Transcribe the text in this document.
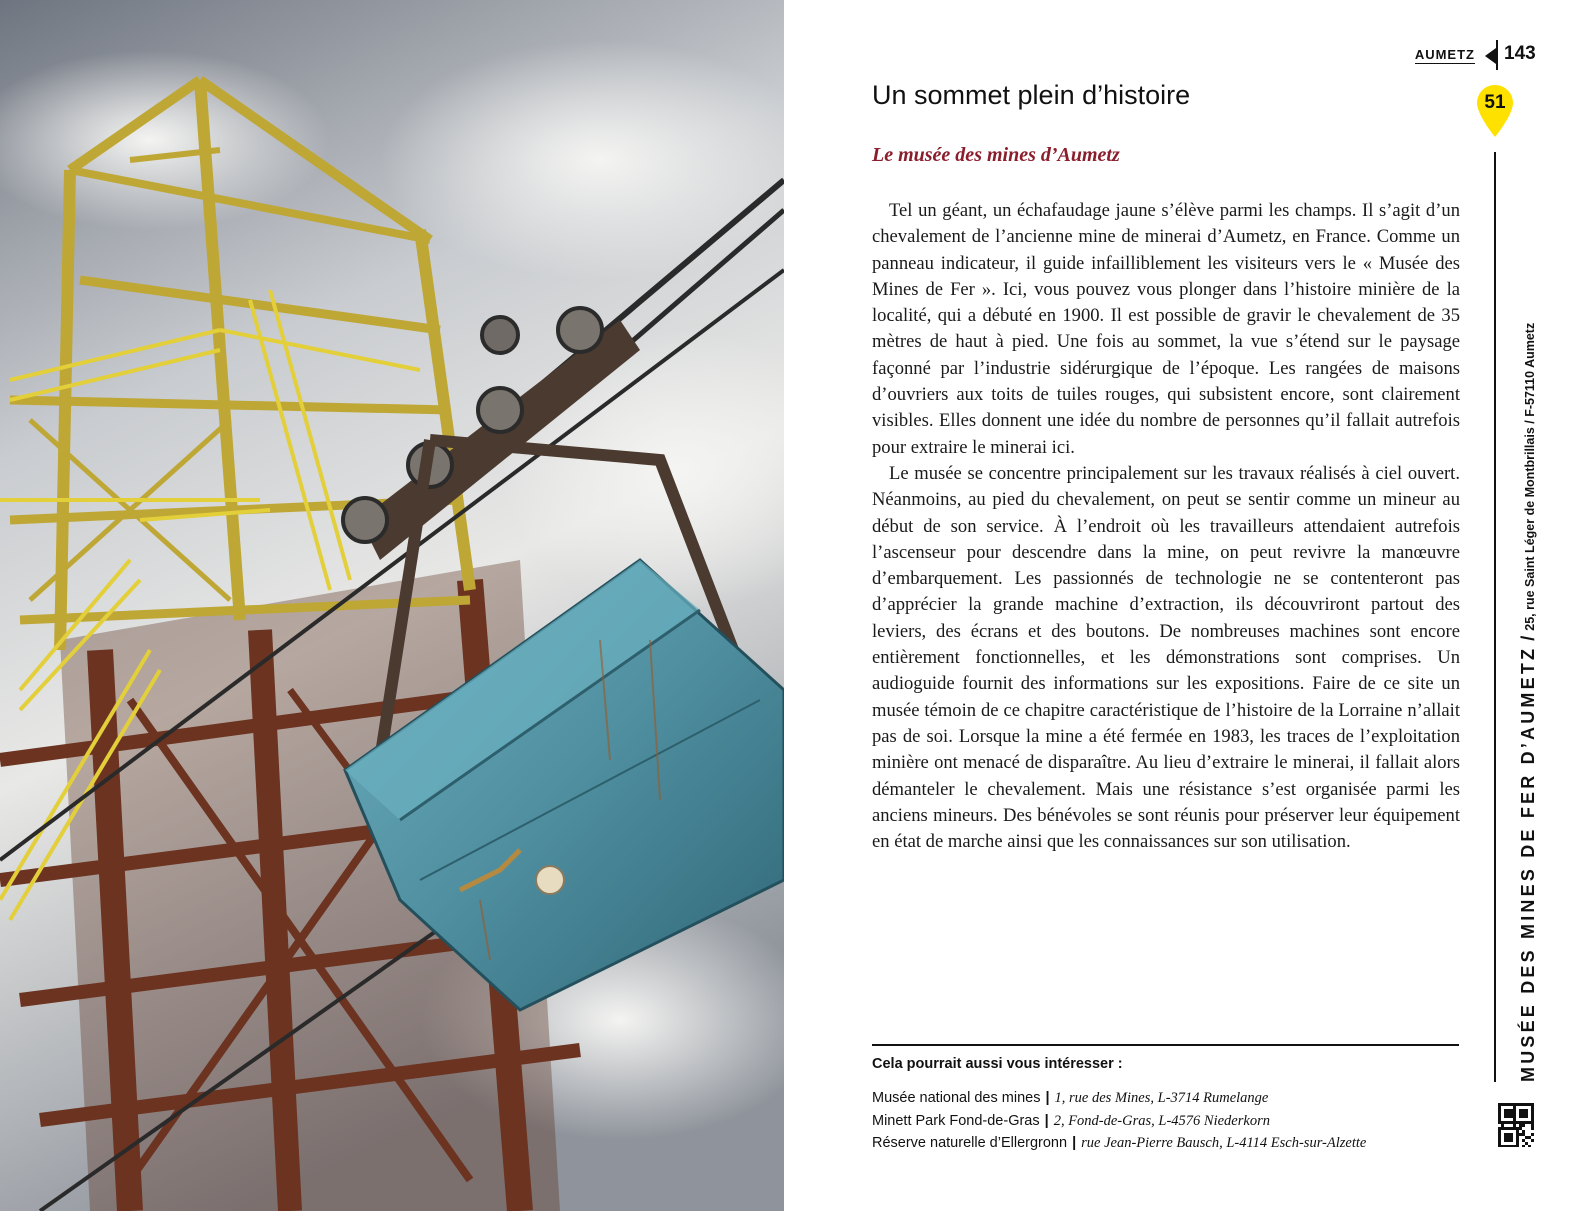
AUMETZ 143
51
MUSÉE DES MINES DE FER D’AUMETZ/25, rue Saint Léger de Montbrillais / F-57110 Aumetz
Un sommet plein d’histoire
Le musée des mines d’Aumetz

Tel un géant, un échafaudage jaune s’élève parmi les champs. Il s’agit d’un chevalement de l’ancienne mine de minerai d’Aumetz, en France. Comme un panneau indicateur, il guide infailliblement les visiteurs vers le « Musée des Mines de Fer ». Ici, vous pouvez vous plonger dans l’histoire minière de la localité, qui a débuté en 1900. Il est possible de gravir le chevalement de 35 mètres de haut à pied. Une fois au sommet, la vue s’étend sur le paysage façonné par l’industrie sidérurgique de l’époque. Les rangées de maisons d’ouvriers aux toits de tuiles rouges, qui subsistent encore, sont clairement visibles. Elles donnent une idée du nombre de personnes qu’il fallait autrefois pour extraire le minerai ici.

Le musée se concentre principalement sur les travaux réalisés à ciel ouvert. Néanmoins, au pied du chevalement, on peut se sentir comme un mineur au début de son service. À l’endroit où les travailleurs attendaient autrefois l’ascenseur pour descendre dans la mine, on peut revivre la manœuvre d’embarquement. Les passionnés de technologie ne se contenteront pas d’apprécier la grande machine d’extraction, ils découvriront partout des leviers, des écrans et des boutons. De nombreuses machines sont encore entièrement fonctionnelles, et les démonstrations sont comprises. Un audioguide fournit des informations sur les expositions. Faire de ce site un musée témoin de ce chapitre caractéristique de l’histoire de la Lorraine n’allait pas de soi. Lorsque la mine a été fermée en 1983, les traces de l’exploitation minière ont menacé de disparaître. Au lieu d’extraire le minerai, il fallait alors démanteler le chevalement. Mais une résistance s’est organisée parmi les anciens mineurs. Des bénévoles se sont réunis pour préserver leur équipement en état de marche ainsi que les connaissances sur son utilisation.

Cela pourrait aussi vous intéresser :
Musée national des mines | 1, rue des Mines, L-3714 Rumelange
Minett Park Fond-de-Gras | 2, Fond-de-Gras, L-4576 Niederkorn
Réserve naturelle d’Ellergronn | rue Jean-Pierre Bausch, L-4114 Esch-sur-Alzette
